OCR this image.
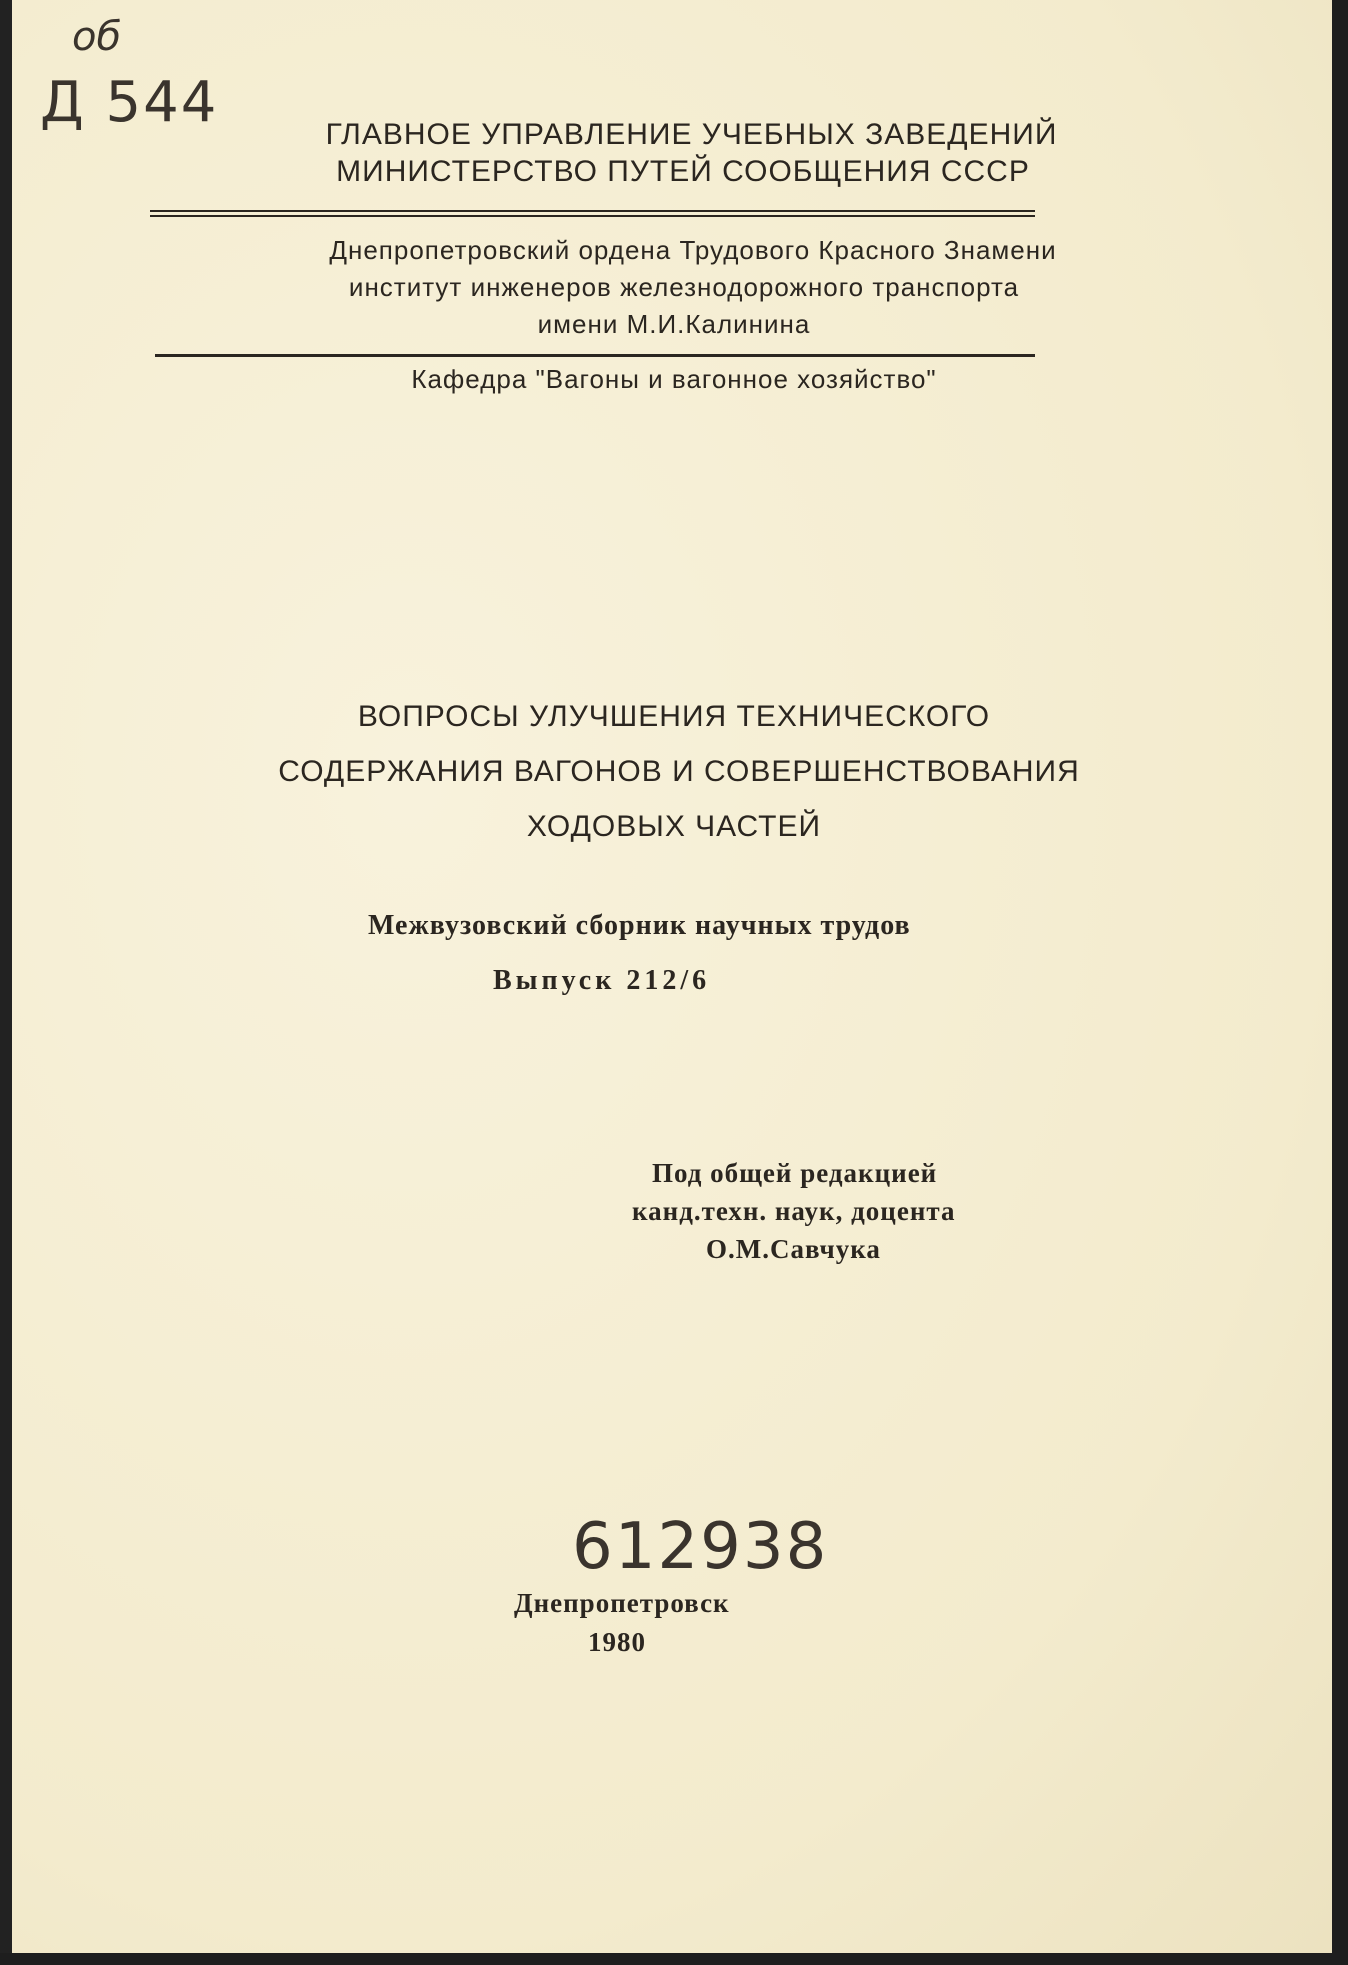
об
Д 544	ГЛАВНОЕ УПРАВЛЕНИЕ УЧЕБНЫХ ЗАВЕДЕНИЙ
МИНИСТЕРСТВО ПУТЕЙ СООБЩЕНИЯ СССР
Днепропетровский ордена Трудового Красного Знамени
институт инженеров железнодорожного транспорта
имени М.И.Калинина
Кафедра "Вагоны и вагонное хозяйство"
ВОПРОСЫ УЛУЧШЕНИЯ ТЕХНИЧЕСКОГО
СОДЕРЖАНИЯ ВАГОНОВ И СОВЕРШЕНСТВОВАНИЯ
ХОДОВЫХ ЧАСТЕЙ
Межвузовский сборник научных трудов
Выпуск 212/6
Под общей редакцией
канд.техн. наук, доцента
О.М.Савчука
612938
Днепропетровск
1980
